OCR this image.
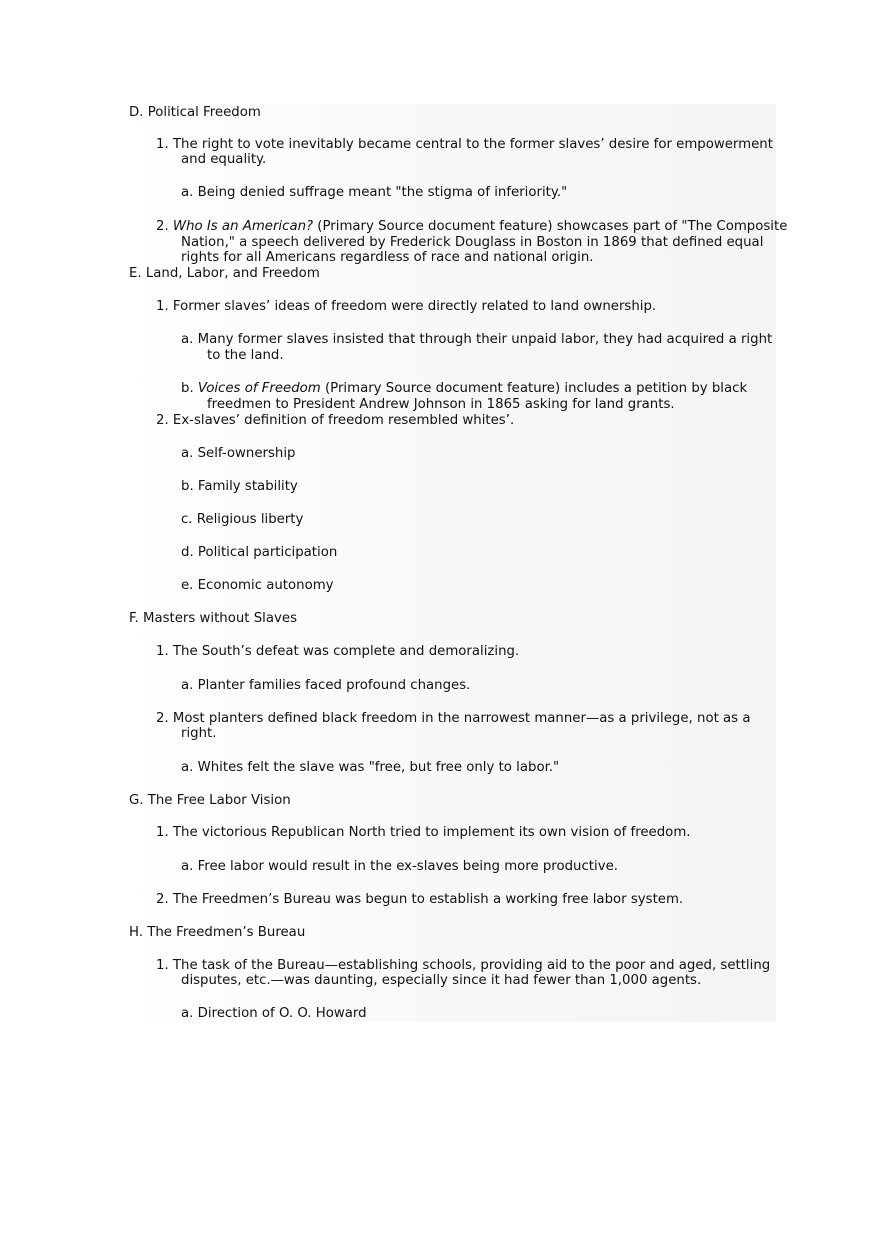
D. Political Freedom
1. The right to vote inevitably became central to the former slaves’ desire for empowerment
and equality.
a. Being denied suffrage meant "the stigma of inferiority."
2. Who Is an American? (Primary Source document feature) showcases part of "The Composite
Nation," a speech delivered by Frederick Douglass in Boston in 1869 that defined equal
rights for all Americans regardless of race and national origin.
E. Land, Labor, and Freedom
1. Former slaves’ ideas of freedom were directly related to land ownership.
a. Many former slaves insisted that through their unpaid labor, they had acquired a right
to the land.
b. Voices of Freedom (Primary Source document feature) includes a petition by black
freedmen to President Andrew Johnson in 1865 asking for land grants.
2. Ex-slaves’ definition of freedom resembled whites’.
a. Self-ownership
b. Family stability
c. Religious liberty
d. Political participation
e. Economic autonomy
F. Masters without Slaves
1. The South’s defeat was complete and demoralizing.
a. Planter families faced profound changes.
2. Most planters defined black freedom in the narrowest manner—as a privilege, not as a
right.
a. Whites felt the slave was "free, but free only to labor."
G. The Free Labor Vision
1. The victorious Republican North tried to implement its own vision of freedom.
a. Free labor would result in the ex-slaves being more productive.
2. The Freedmen’s Bureau was begun to establish a working free labor system.
H. The Freedmen’s Bureau
1. The task of the Bureau—establishing schools, providing aid to the poor and aged, settling
disputes, etc.—was daunting, especially since it had fewer than 1,000 agents.
a. Direction of O. O. Howard
